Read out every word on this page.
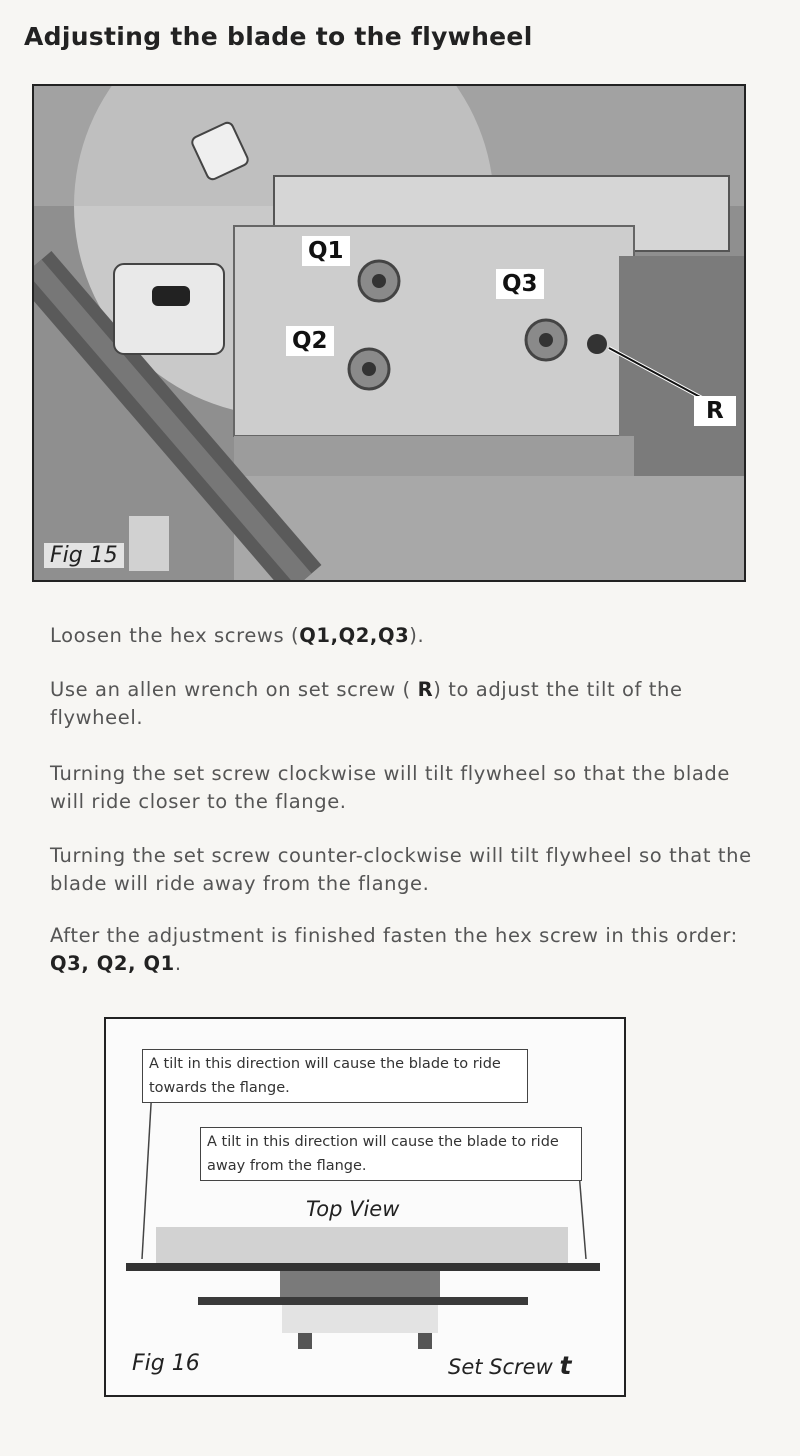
Adjusting the blade to the flywheel
Q1
Q2
Q3
R
Fig 15
Loosen the hex screws (Q1,Q2,Q3).
Use an allen wrench on set screw ( R) to adjust the tilt of the flywheel.
Turning the set screw clockwise will tilt flywheel so that the blade will ride closer to the flange.
Turning the set screw counter-clockwise will tilt flywheel so that the blade will ride away from the flange.
After the adjustment is finished fasten the hex screw in this order: Q3, Q2, Q1.
A tilt in this direction will cause the blade to ride towards the flange.
A tilt in this direction will cause the blade to ride away from the flange.
Top View
Fig 16	Set Screw t
